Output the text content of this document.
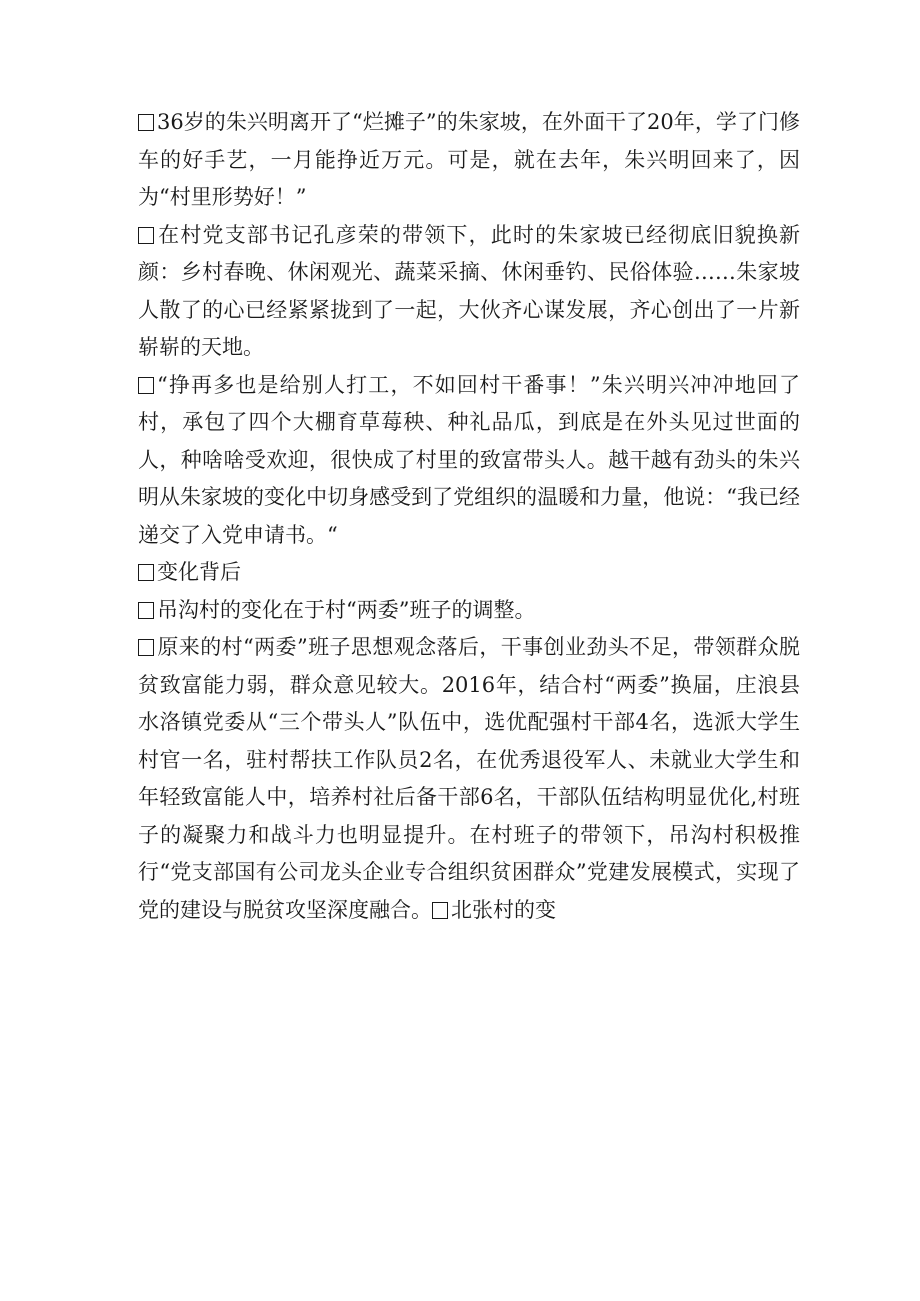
36岁的朱兴明离开了“烂摊子”的朱家坡，在外面干了20年，学了门修车的好手艺，一月能挣近万元。可是，就在去年，朱兴明回来了，因为“村里形势好！”

在村党支部书记孔彦荣的带领下，此时的朱家坡已经彻底旧貌换新颜：乡村春晚、休闲观光、蔬菜采摘、休闲垂钓、民俗体验……朱家坡人散了的心已经紧紧拢到了一起，大伙齐心谋发展，齐心创出了一片新崭崭的天地。

“挣再多也是给别人打工，不如回村干番事！”朱兴明兴冲冲地回了村，承包了四个大棚育草莓秧、种礼品瓜，到底是在外头见过世面的人，种啥啥受欢迎，很快成了村里的致富带头人。越干越有劲头的朱兴明从朱家坡的变化中切身感受到了党组织的温暖和力量，他说：“我已经递交了入党申请书。“

变化背后

吊沟村的变化在于村“两委”班子的调整。

原来的村“两委”班子思想观念落后，干事创业劲头不足，带领群众脱贫致富能力弱，群众意见较大。2016年，结合村“两委”换届，庄浪县水洛镇党委从“三个带头人”队伍中，选优配强村干部4名，选派大学生村官一名，驻村帮扶工作队员2名，在优秀退役军人、未就业大学生和年轻致富能人中，培养村社后备干部6名，干部队伍结构明显优化,村班子的凝聚力和战斗力也明显提升。在村班子的带领下，吊沟村积极推行“党支部国有公司龙头企业专合组织贫困群众”党建发展模式，实现了党的建设与脱贫攻坚深度融合。 北张村的变
